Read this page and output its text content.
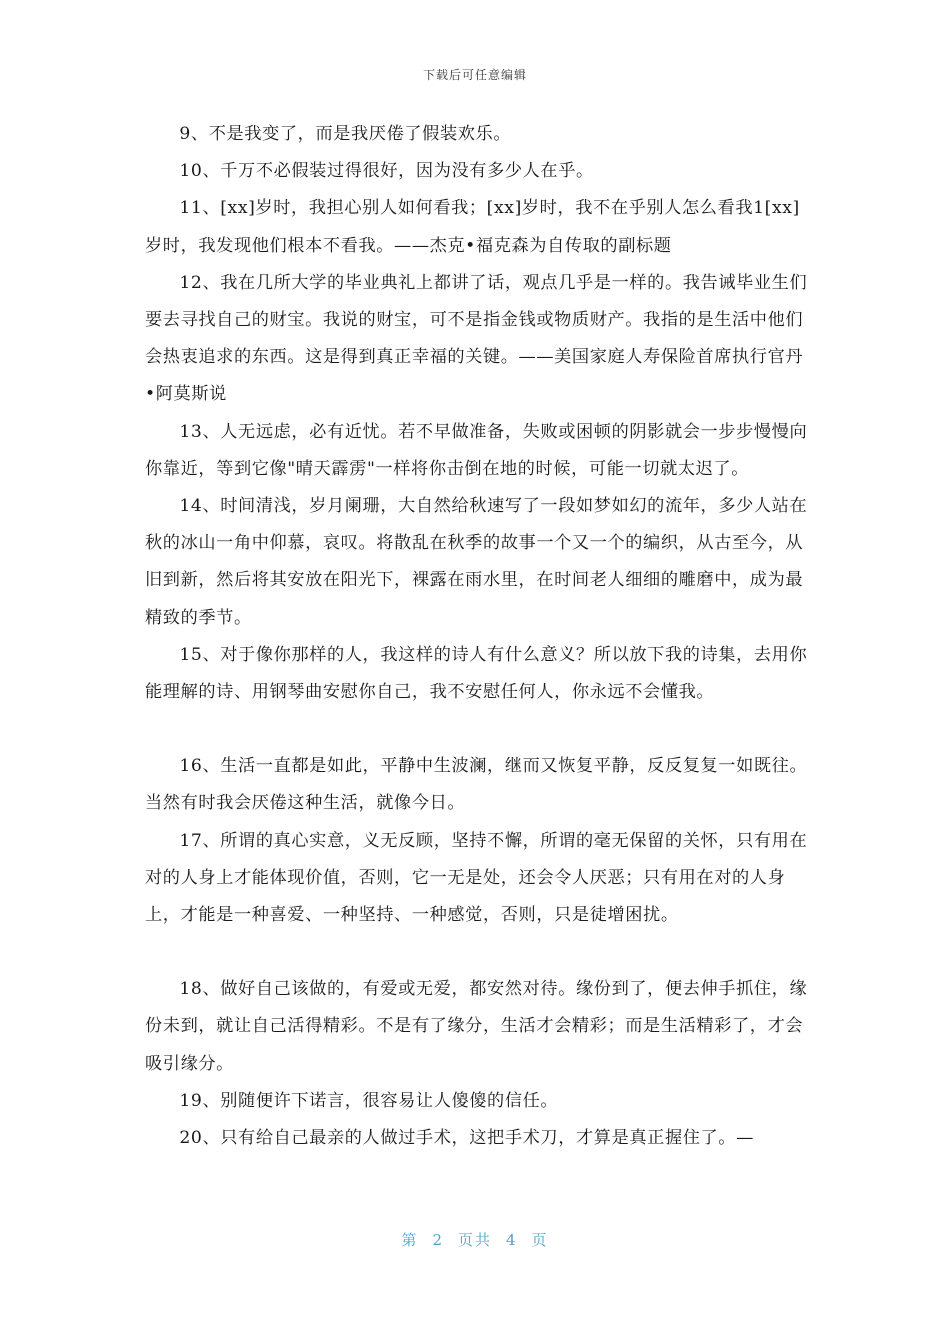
下载后可任意编辑

9、不是我变了，而是我厌倦了假装欢乐。

10、千万不必假装过得很好，因为没有多少人在乎。

11、[xx]岁时，我担心别人如何看我；[xx]岁时，我不在乎别人怎么看我1[xx]岁时，我发现他们根本不看我。——杰克•福克森为自传取的副标题

12、我在几所大学的毕业典礼上都讲了话，观点几乎是一样的。我告诫毕业生们要去寻找自己的财宝。我说的财宝，可不是指金钱或物质财产。我指的是生活中他们会热衷追求的东西。这是得到真正幸福的关键。——美国家庭人寿保险首席执行官丹•阿莫斯说

13、人无远虑，必有近忧。若不早做准备，失败或困顿的阴影就会一步步慢慢向你靠近，等到它像"晴天霹雳"一样将你击倒在地的时候，可能一切就太迟了。

14、时间清浅，岁月阑珊，大自然给秋速写了一段如梦如幻的流年，多少人站在秋的冰山一角中仰慕，哀叹。将散乱在秋季的故事一个又一个的编织，从古至今，从旧到新，然后将其安放在阳光下，裸露在雨水里，在时间老人细细的雕磨中，成为最精致的季节。

15、对于像你那样的人，我这样的诗人有什么意义？所以放下我的诗集，去用你能理解的诗、用钢琴曲安慰你自己，我不安慰任何人，你永远不会懂我。

16、生活一直都是如此，平静中生波澜，继而又恢复平静，反反复复一如既往。当然有时我会厌倦这种生活，就像今日。

17、所谓的真心实意，义无反顾，坚持不懈，所谓的毫无保留的关怀，只有用在对的人身上才能体现价值，否则，它一无是处，还会令人厌恶；只有用在对的人身上，才能是一种喜爱、一种坚持、一种感觉，否则，只是徒增困扰。

18、做好自己该做的，有爱或无爱，都安然对待。缘份到了，便去伸手抓住，缘份未到，就让自己活得精彩。不是有了缘分，生活才会精彩；而是生活精彩了，才会吸引缘分。

19、别随便许下诺言，很容易让人傻傻的信任。

20、只有给自己最亲的人做过手术，这把手术刀，才算是真正握住了。—

第 2 页共 4 页
